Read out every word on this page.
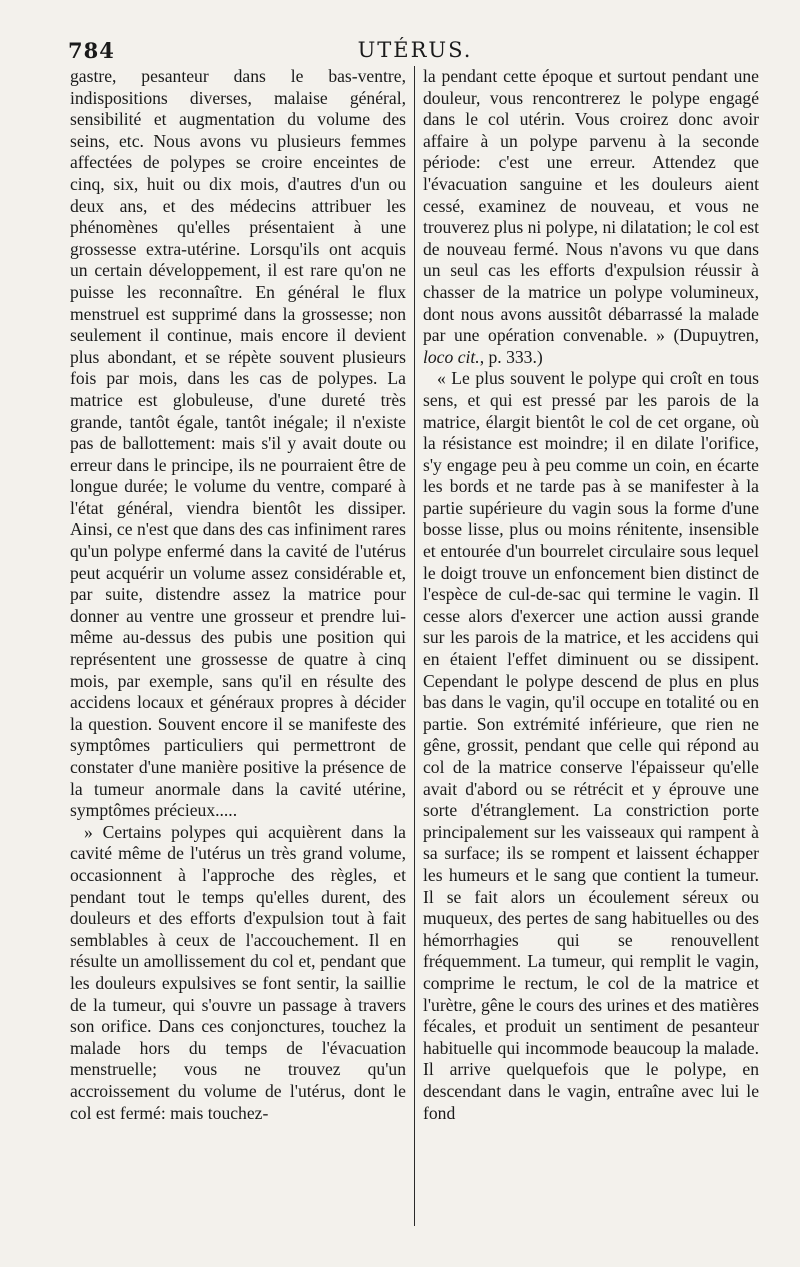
784	UTÉRUS.

gastre, pesanteur dans le bas-ventre, indispositions diverses, malaise général, sensibilité et augmentation du volume des seins, etc. Nous avons vu plusieurs femmes affectées de polypes se croire enceintes de cinq, six, huit ou dix mois, d'autres d'un ou deux ans, et des médecins attribuer les phénomènes qu'elles présentaient à une grossesse extra-utérine. Lorsqu'ils ont acquis un certain développement, il est rare qu'on ne puisse les reconnaître. En général le flux menstruel est supprimé dans la grossesse; non seulement il continue, mais encore il devient plus abondant, et se répète souvent plusieurs fois par mois, dans les cas de polypes. La matrice est globuleuse, d'une dureté très grande, tantôt égale, tantôt inégale; il n'existe pas de ballottement: mais s'il y avait doute ou erreur dans le principe, ils ne pourraient être de longue durée; le volume du ventre, comparé à l'état général, viendra bientôt les dissiper. Ainsi, ce n'est que dans des cas infiniment rares qu'un polype enfermé dans la cavité de l'utérus peut acquérir un volume assez considérable et, par suite, distendre assez la matrice pour donner au ventre une grosseur et prendre lui-même au-dessus des pubis une position qui représentent une grossesse de quatre à cinq mois, par exemple, sans qu'il en résulte des accidens locaux et généraux propres à décider la question. Souvent encore il se manifeste des symptômes particuliers qui permettront de constater d'une manière positive la présence de la tumeur anormale dans la cavité utérine, symptômes précieux.....

» Certains polypes qui acquièrent dans la cavité même de l'utérus un très grand volume, occasionnent à l'approche des règles, et pendant tout le temps qu'elles durent, des douleurs et des efforts d'expulsion tout à fait semblables à ceux de l'accouchement. Il en résulte un amollissement du col et, pendant que les douleurs expulsives se font sentir, la saillie de la tumeur, qui s'ouvre un passage à travers son orifice. Dans ces conjonctures, touchez la malade hors du temps de l'évacuation menstruelle; vous ne trouvez qu'un accroissement du volume de l'utérus, dont le col est fermé: mais touchez-

la pendant cette époque et surtout pendant une douleur, vous rencontrerez le polype engagé dans le col utérin. Vous croirez donc avoir affaire à un polype parvenu à la seconde période: c'est une erreur. Attendez que l'évacuation sanguine et les douleurs aient cessé, examinez de nouveau, et vous ne trouverez plus ni polype, ni dilatation; le col est de nouveau fermé. Nous n'avons vu que dans un seul cas les efforts d'expulsion réussir à chasser de la matrice un polype volumineux, dont nous avons aussitôt débarrassé la malade par une opération convenable. » (Dupuytren, loco cit., p. 333.)

« Le plus souvent le polype qui croît en tous sens, et qui est pressé par les parois de la matrice, élargit bientôt le col de cet organe, où la résistance est moindre; il en dilate l'orifice, s'y engage peu à peu comme un coin, en écarte les bords et ne tarde pas à se manifester à la partie supérieure du vagin sous la forme d'une bosse lisse, plus ou moins rénitente, insensible et entourée d'un bourrelet circulaire sous lequel le doigt trouve un enfoncement bien distinct de l'espèce de cul-de-sac qui termine le vagin. Il cesse alors d'exercer une action aussi grande sur les parois de la matrice, et les accidens qui en étaient l'effet diminuent ou se dissipent. Cependant le polype descend de plus en plus bas dans le vagin, qu'il occupe en totalité ou en partie. Son extrémité inférieure, que rien ne gêne, grossit, pendant que celle qui répond au col de la matrice conserve l'épaisseur qu'elle avait d'abord ou se rétrécit et y éprouve une sorte d'étranglement. La constriction porte principalement sur les vaisseaux qui rampent à sa surface; ils se rompent et laissent échapper les humeurs et le sang que contient la tumeur. Il se fait alors un écoulement séreux ou muqueux, des pertes de sang habituelles ou des hémorrhagies qui se renouvellent fréquemment. La tumeur, qui remplit le vagin, comprime le rectum, le col de la matrice et l'urètre, gêne le cours des urines et des matières fécales, et produit un sentiment de pesanteur habituelle qui incommode beaucoup la malade. Il arrive quelquefois que le polype, en descendant dans le vagin, entraîne avec lui le fond
